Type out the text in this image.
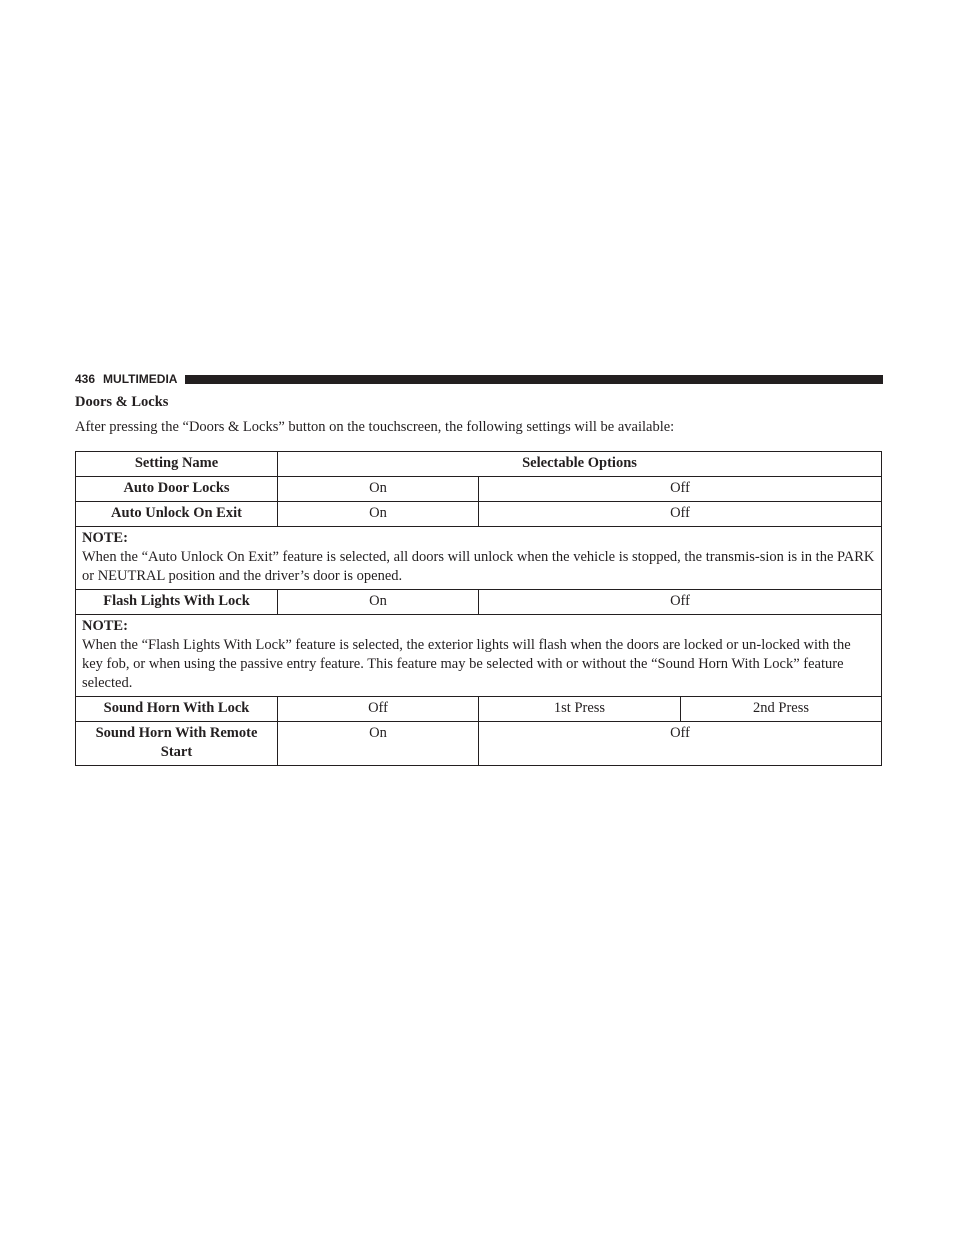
436 MULTIMEDIA
Doors & Locks
After pressing the “Doors & Locks” button on the touchscreen, the following settings will be available:
Setting Name	Selectable Options		
Auto Door Locks	On	Off	
Auto Unlock On Exit	On	Off	

NOTE:
When the “Auto Unlock On Exit” feature is selected, all doors will unlock when the vehicle is stopped, the transmis-sion is in the PARK or NEUTRAL position and the driver’s door is opened.			
Flash Lights With Lock	On	Off	

NOTE:
When the “Flash Lights With Lock” feature is selected, the exterior lights will flash when the doors are locked or un-locked with the key fob, or when using the passive entry feature. This feature may be selected with or without the “Sound Horn With Lock” feature selected.			
Sound Horn With Lock	Off	1st Press	2nd Press
Sound Horn With Remote Start	On	Off	
